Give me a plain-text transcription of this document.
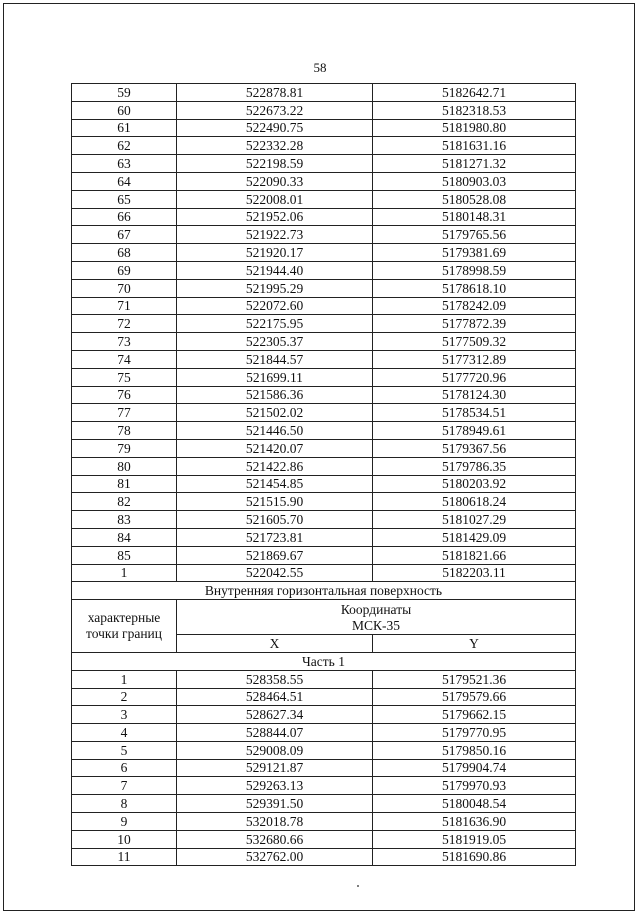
58
59	522878.81	5182642.71
60	522673.22	5182318.53
61	522490.75	5181980.80
62	522332.28	5181631.16
63	522198.59	5181271.32
64	522090.33	5180903.03
65	522008.01	5180528.08
66	521952.06	5180148.31
67	521922.73	5179765.56
68	521920.17	5179381.69
69	521944.40	5178998.59
70	521995.29	5178618.10
71	522072.60	5178242.09
72	522175.95	5177872.39
73	522305.37	5177509.32
74	521844.57	5177312.89
75	521699.11	5177720.96
76	521586.36	5178124.30
77	521502.02	5178534.51
78	521446.50	5178949.61
79	521420.07	5179367.56
80	521422.86	5179786.35
81	521454.85	5180203.92
82	521515.90	5180618.24
83	521605.70	5181027.29
84	521723.81	5181429.09
85	521869.67	5181821.66
1	522042.55	5182203.11
Внутренняя горизонтальная поверхность		
характерные точки границ	Координаты
МСК-35	

	X	Y
Часть 1		
1	528358.55	5179521.36
2	528464.51	5179579.66
3	528627.34	5179662.15
4	528844.07	5179770.95
5	529008.09	5179850.16
6	529121.87	5179904.74
7	529263.13	5179970.93
8	529391.50	5180048.54
9	532018.78	5181636.90
10	532680.66	5181919.05
11	532762.00	5181690.86
